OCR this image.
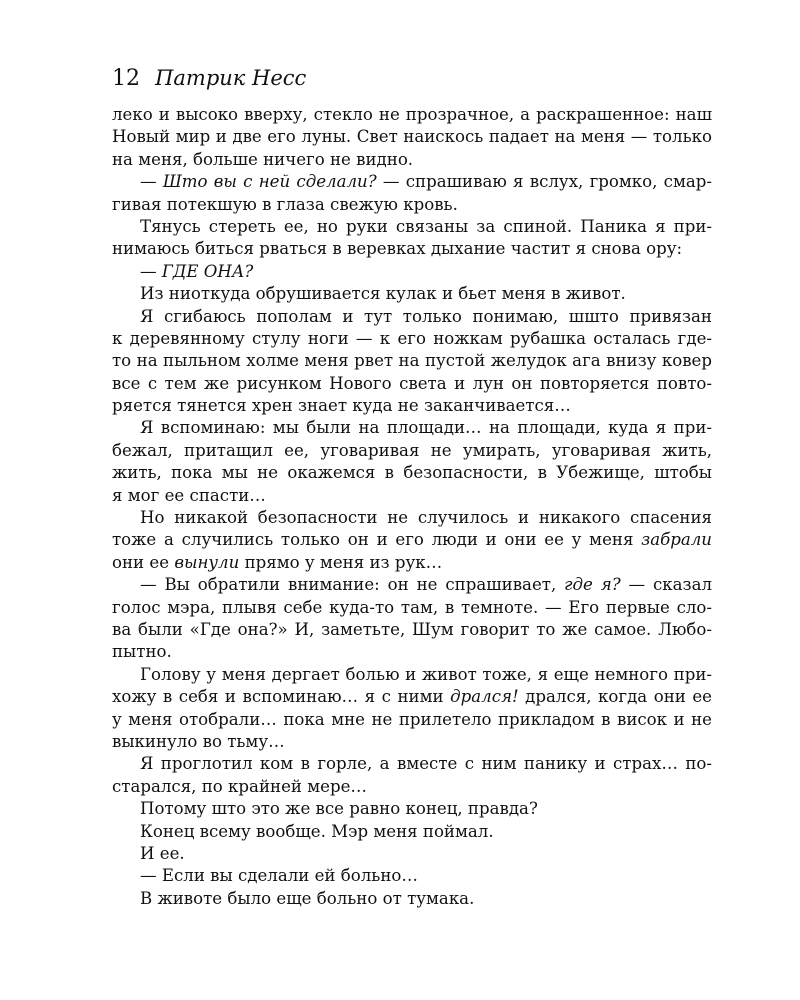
12 Патрик Несс
леко и высоко вверху, стекло не прозрачное, а раскрашенное: наш
Новый мир и две его луны. Свет наискось падает на меня — только
на меня, больше ничего не видно.
— Што вы с ней сделали? — спрашиваю я вслух, громко, смар-
гивая потекшую в глаза свежую кровь.
Тянусь стереть ее, но руки связаны за спиной. Паника я при-
нимаюсь биться рваться в веревках дыхание частит я снова ору:
— ГДЕ ОНА?
Из ниоткуда обрушивается кулак и бьет меня в живот.
Я сгибаюсь пополам и тут только понимаю, шшто привязан
к деревянному стулу ноги — к его ножкам рубашка осталась где-
то на пыльном холме меня рвет на пустой желудок ага внизу ковер
все с тем же рисунком Нового света и лун он повторяется повто-
ряется тянется хрен знает куда не заканчивается…
Я вспоминаю: мы были на площади… на площади, куда я при-
бежал, притащил ее, уговаривая не умирать, уговаривая жить,
жить, пока мы не окажемся в безопасности, в Убежище, штобы
я мог ее спасти…
Но никакой безопасности не случилось и никакого спасения
тоже а случились только он и его люди и они ее у меня забрали
они ее вынули прямо у меня из рук…
— Вы обратили внимание: он не спрашивает, где я? — сказал
голос мэра, плывя себе куда-то там, в темноте. — Его первые сло-
ва были «Где она?» И, заметьте, Шум говорит то же самое. Любо-
пытно.
Голову у меня дергает болью и живот тоже, я еще немного при-
хожу в себя и вспоминаю… я с ними дрался! дрался, когда они ее
у меня отобрали… пока мне не прилетело прикладом в висок и не
выкинуло во тьму…
Я проглотил ком в горле, а вместе с ним панику и страх… по-
старался, по крайней мере…
Потому што это же все равно конец, правда?
Конец всему вообще. Мэр меня поймал.
И ее.
— Если вы сделали ей больно…
В животе было еще больно от тумака.
